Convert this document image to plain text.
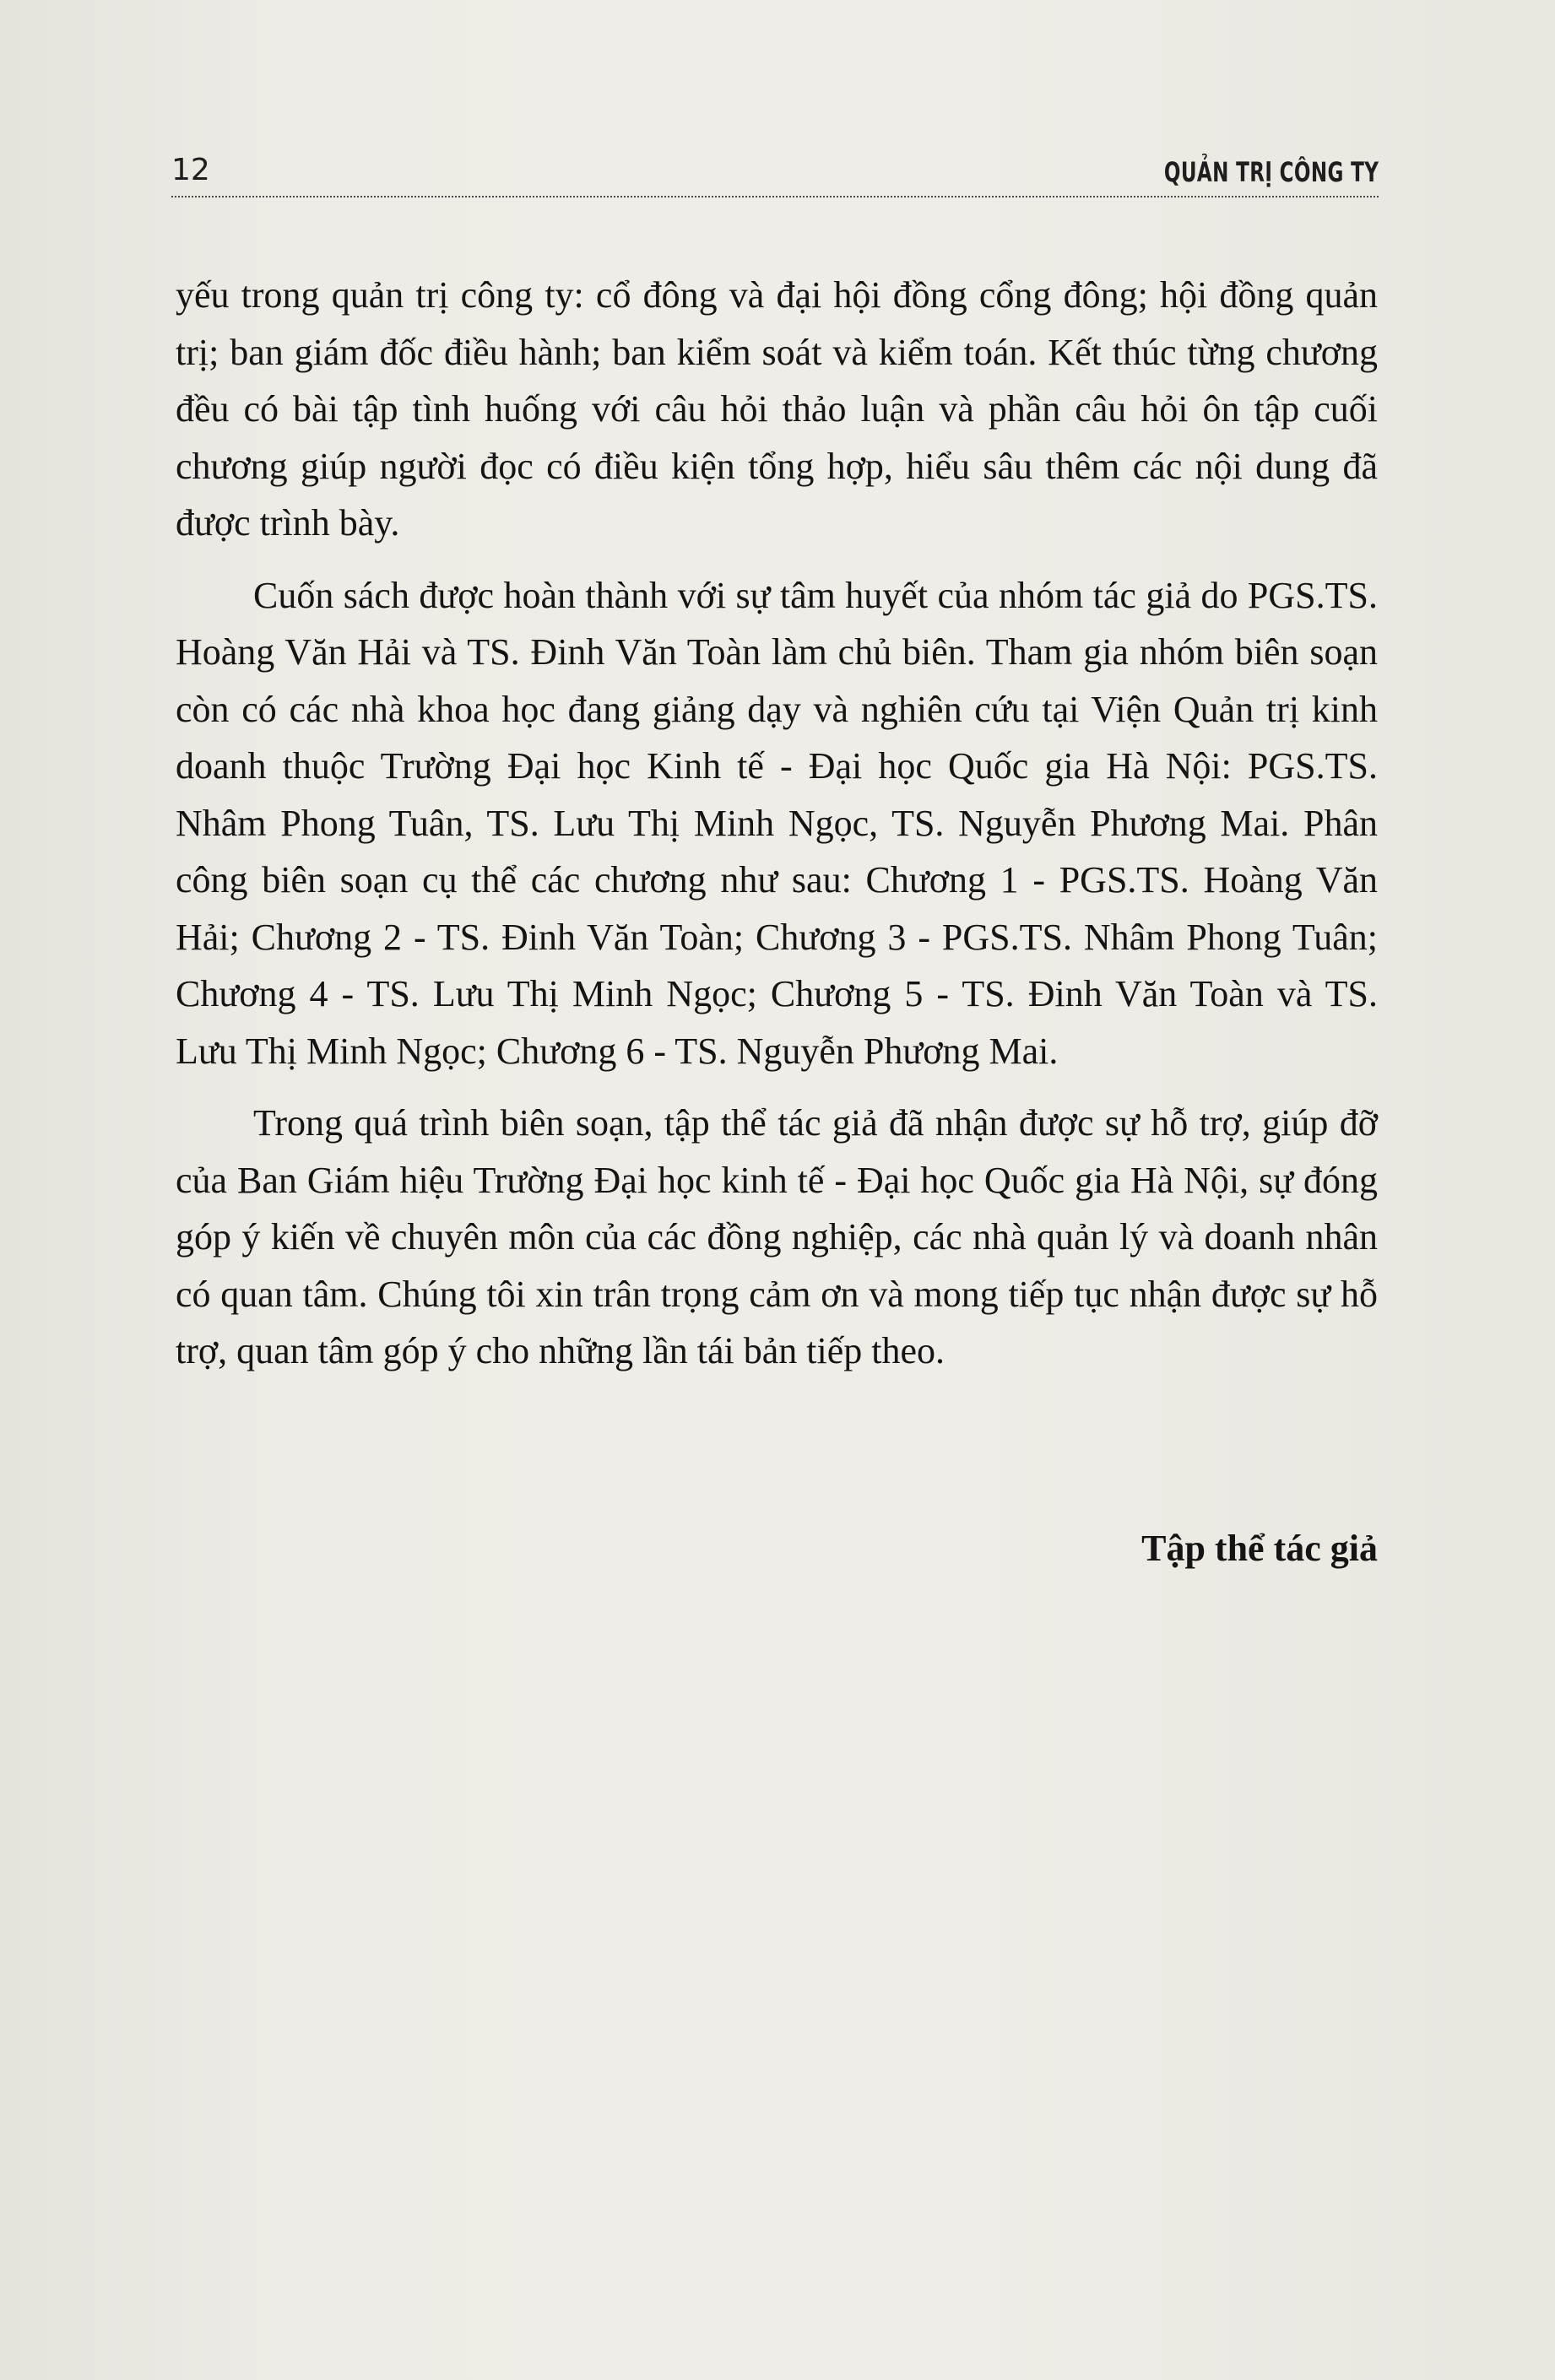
12	QUẢN TRỊ CÔNG TY

yếu trong quản trị công ty: cổ đông và đại hội đồng cổng đông; hội đồng quản trị; ban giám đốc điều hành; ban kiểm soát và kiểm toán. Kết thúc từng chương đều có bài tập tình huống với câu hỏi thảo luận và phần câu hỏi ôn tập cuối chương giúp người đọc có điều kiện tổng hợp, hiểu sâu thêm các nội dung đã được trình bày.

Cuốn sách được hoàn thành với sự tâm huyết của nhóm tác giả do PGS.TS. Hoàng Văn Hải và TS. Đinh Văn Toàn làm chủ biên. Tham gia nhóm biên soạn còn có các nhà khoa học đang giảng dạy và nghiên cứu tại Viện Quản trị kinh doanh thuộc Trường Đại học Kinh tế - Đại học Quốc gia Hà Nội: PGS.TS. Nhâm Phong Tuân, TS. Lưu Thị Minh Ngọc, TS. Nguyễn Phương Mai. Phân công biên soạn cụ thể các chương như sau: Chương 1 - PGS.TS. Hoàng Văn Hải; Chương 2 - TS. Đinh Văn Toàn; Chương 3 - PGS.TS. Nhâm Phong Tuân; Chương 4 - TS. Lưu Thị Minh Ngọc; Chương 5 - TS. Đinh Văn Toàn và TS. Lưu Thị Minh Ngọc; Chương 6 - TS. Nguyễn Phương Mai.

Trong quá trình biên soạn, tập thể tác giả đã nhận được sự hỗ trợ, giúp đỡ của Ban Giám hiệu Trường Đại học kinh tế - Đại học Quốc gia Hà Nội, sự đóng góp ý kiến về chuyên môn của các đồng nghiệp, các nhà quản lý và doanh nhân có quan tâm. Chúng tôi xin trân trọng cảm ơn và mong tiếp tục nhận được sự hỗ trợ, quan tâm góp ý cho những lần tái bản tiếp theo.

Tập thể tác giả
